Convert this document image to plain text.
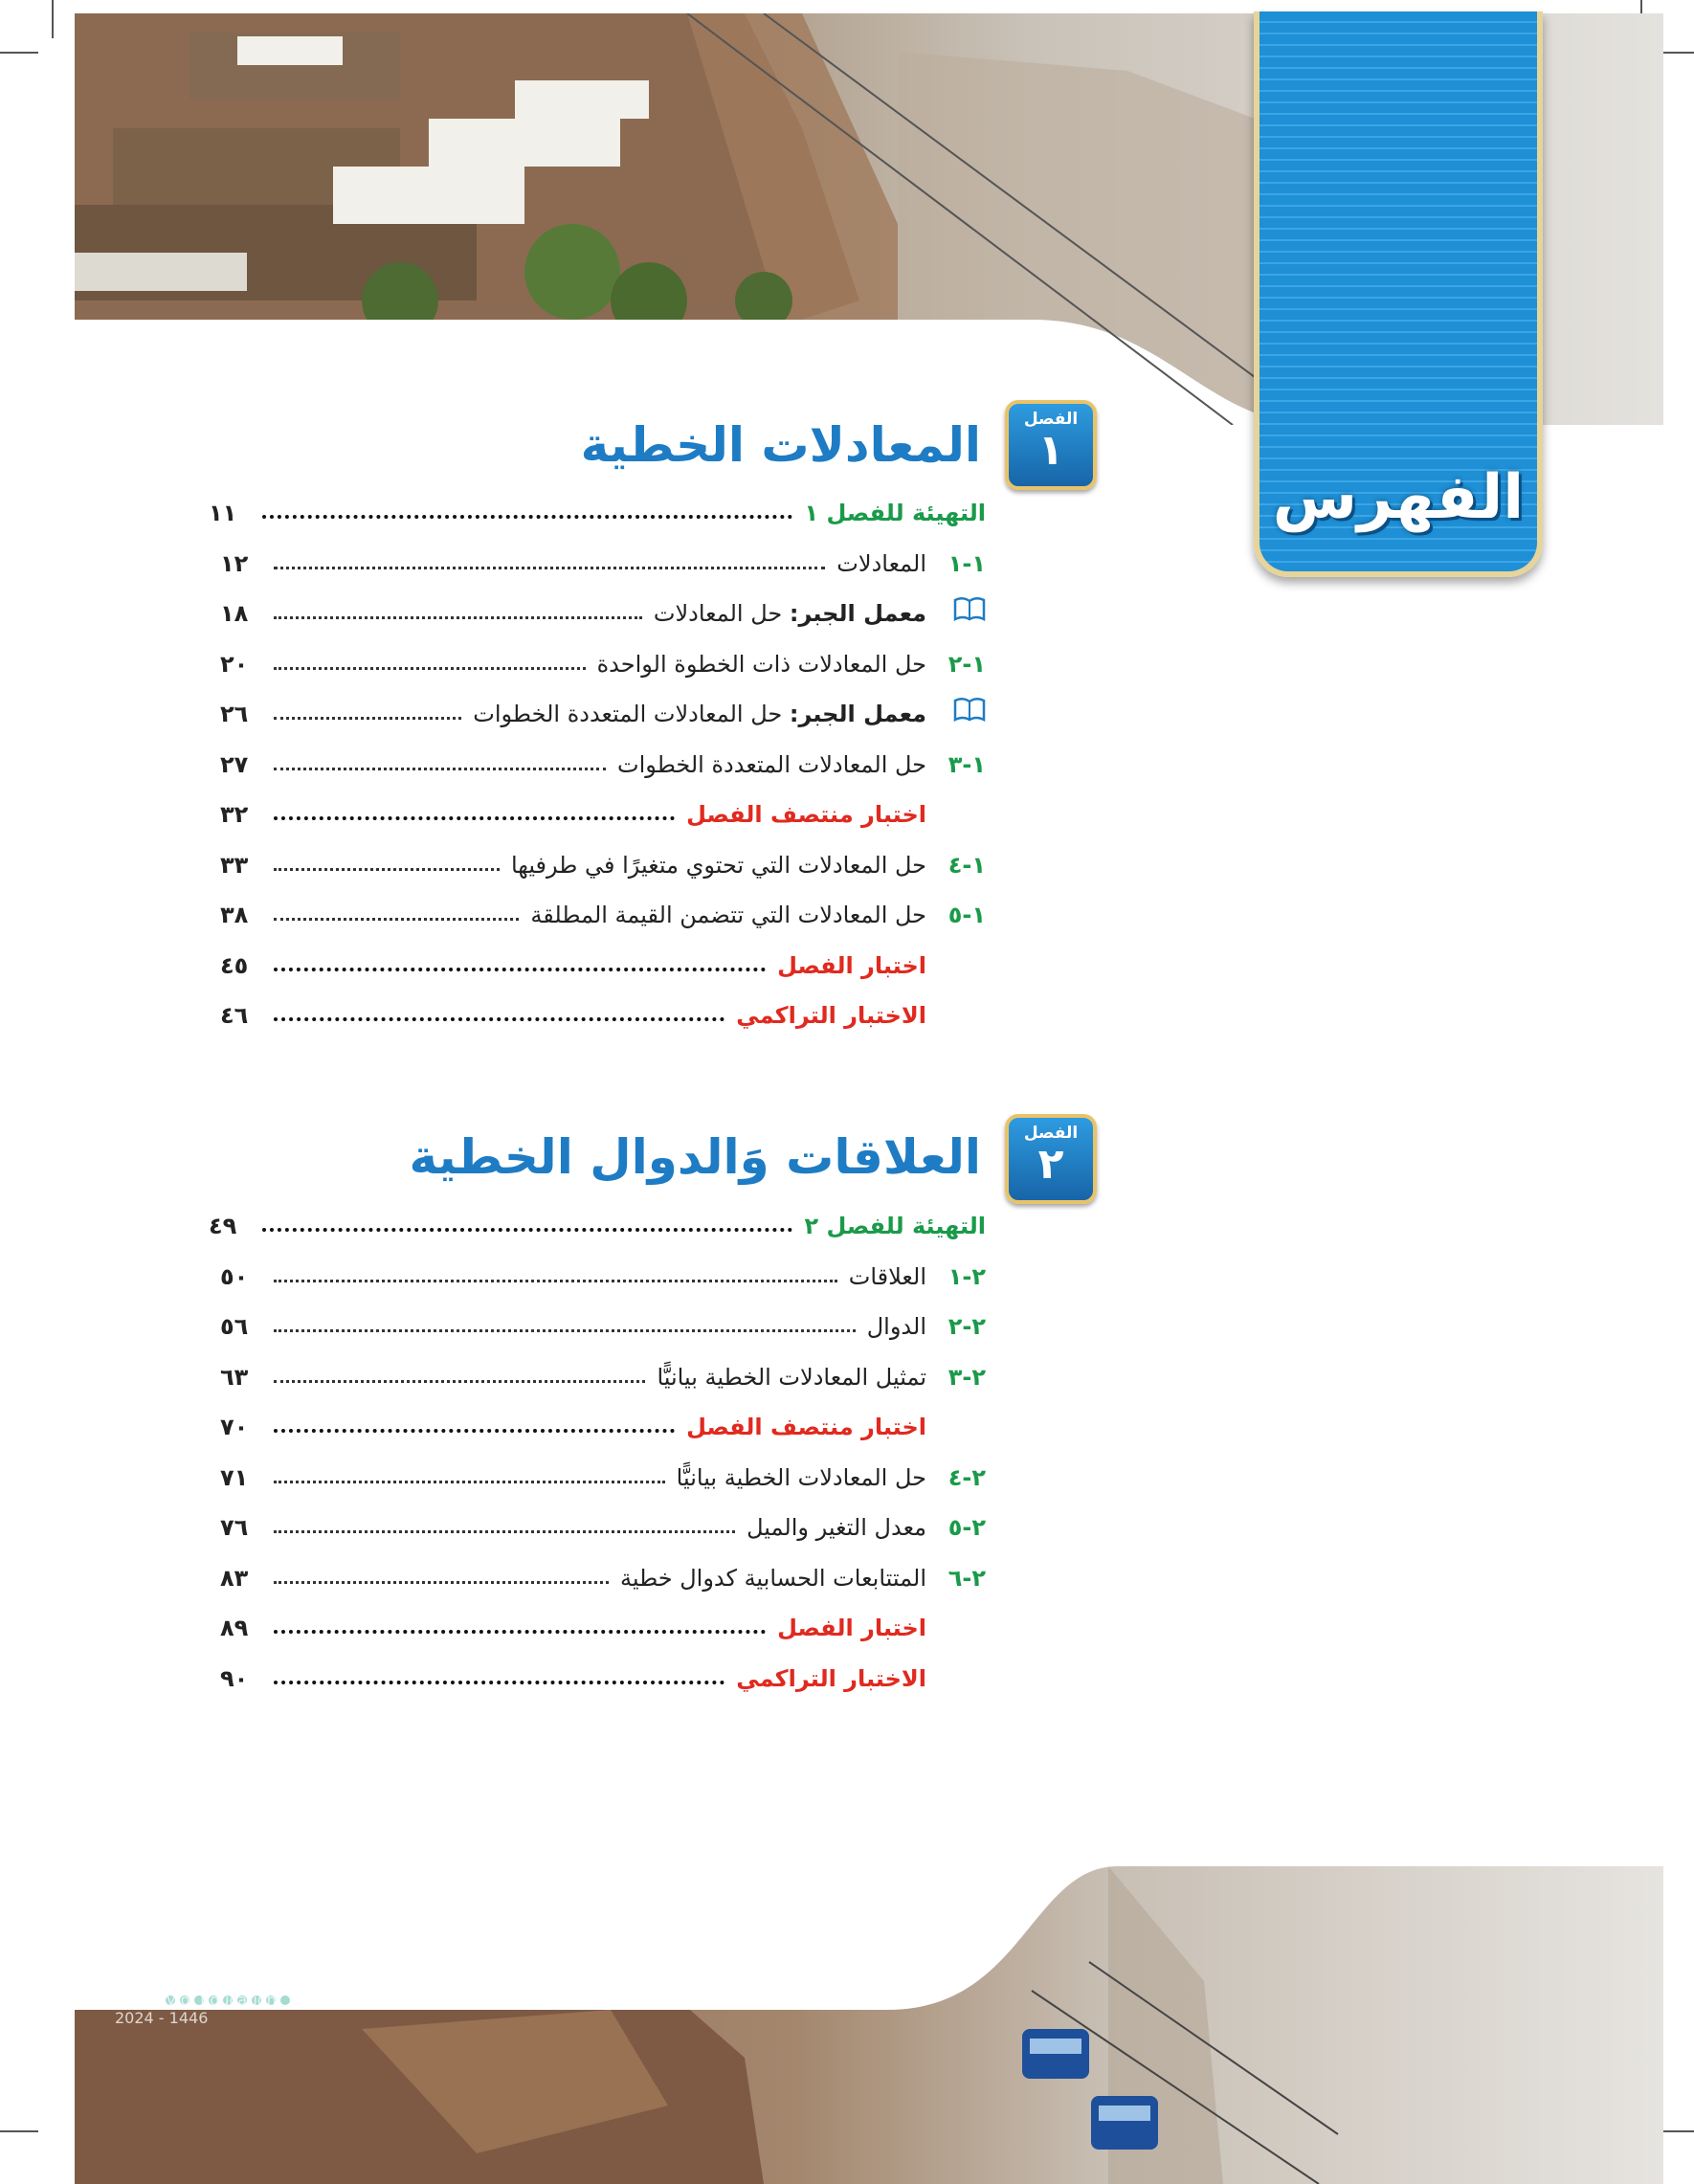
الفهرس
الفصل
١
المعادلات الخطية
التهيئة للفصل ١
١١
١-١
المعادلات
١٢
معمل الجبر: حل المعادلات
١٨
١-٢
حل المعادلات ذات الخطوة الواحدة
٢٠
معمل الجبر: حل المعادلات المتعددة الخطوات
٢٦
١-٣
حل المعادلات المتعددة الخطوات
٢٧
اختبار منتصف الفصل
٣٢
١-٤
حل المعادلات التي تحتوي متغيرًا في طرفيها
٣٣
١-٥
حل المعادلات التي تتضمن القيمة المطلقة
٣٨
اختبار الفصل
٤٥
الاختبار التراكمي
٤٦
الفصل
٢
العلاقات وَالدوال الخطية
التهيئة للفصل ٢
٤٩
٢-١
العلاقات
٥٠
٢-٢
الدوال
٥٦
٢-٣
تمثيل المعادلات الخطية بيانيًّا
٦٣
اختبار منتصف الفصل
٧٠
٢-٤
حل المعادلات الخطية بيانيًّا
٧١
٢-٥
معدل التغير والميل
٧٦
٢-٦
المتتابعات الحسابية كدوال خطية
٨٣
اختبار الفصل
٨٩
الاختبار التراكمي
٩٠
Ministry of Education
2024 - 1446
